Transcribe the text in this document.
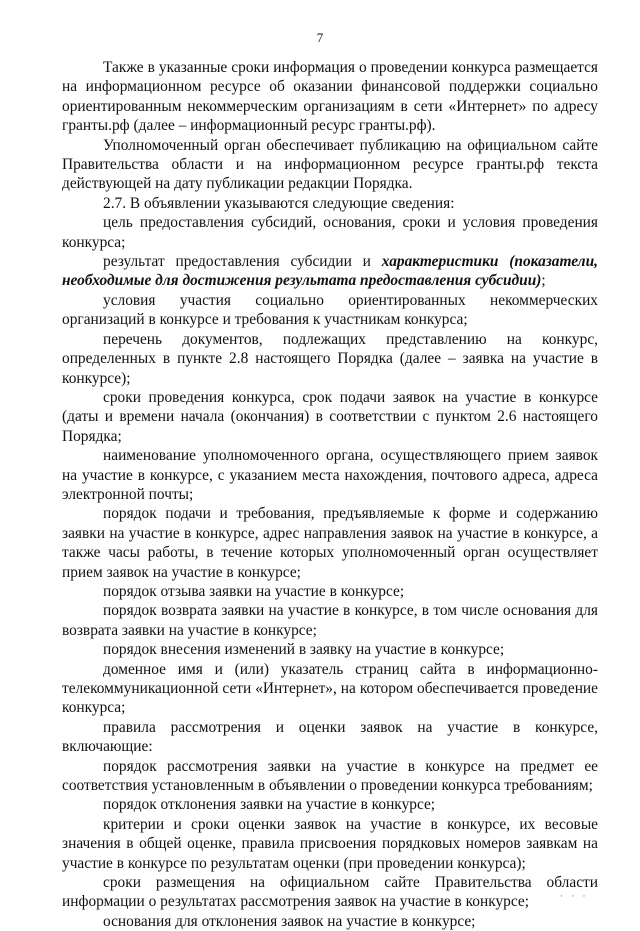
7

Также в указанные сроки информация о проведении конкурса размещается на информационном ресурсе об оказании финансовой поддержки социально ориентированным некоммерческим организациям в сети «Интернет» по адресу гранты.рф (далее – информационный ресурс гранты.рф).

Уполномоченный орган обеспечивает публикацию на официальном сайте Правительства области и на информационном ресурсе гранты.рф текста действующей на дату публикации редакции Порядка.

2.7. В объявлении указываются следующие сведения:

цель предоставления субсидий, основания, сроки и условия проведения конкурса;

результат предоставления субсидии и характеристики (показатели, необходимые для достижения результата предоставления субсидии);

условия участия социально ориентированных некоммерческих организаций в конкурсе и требования к участникам конкурса;

перечень документов, подлежащих представлению на конкурс, определенных в пункте 2.8 настоящего Порядка (далее – заявка на участие в конкурсе);

сроки проведения конкурса, срок подачи заявок на участие в конкурсе (даты и времени начала (окончания) в соответствии с пунктом 2.6 настоящего Порядка;

наименование уполномоченного органа, осуществляющего прием заявок на участие в конкурсе, с указанием места нахождения, почтового адреса, адреса электронной почты;

порядок подачи и требования, предъявляемые к форме и содержанию заявки на участие в конкурсе, адрес направления заявок на участие в конкурсе, а также часы работы, в течение которых уполномоченный орган осуществляет прием заявок на участие в конкурсе;

порядок отзыва заявки на участие в конкурсе;

порядок возврата заявки на участие в конкурсе, в том числе основания для возврата заявки на участие в конкурсе;

порядок внесения изменений в заявку на участие в конкурсе;

доменное имя и (или) указатель страниц сайта в информационно-телекоммуникационной сети «Интернет», на котором обеспечивается проведение конкурса;

правила рассмотрения и оценки заявок на участие в конкурсе, включающие:

порядок рассмотрения заявки на участие в конкурсе на предмет ее соответствия установленным в объявлении о проведении конкурса требованиям;

порядок отклонения заявки на участие в конкурсе;

критерии и сроки оценки заявок на участие в конкурсе, их весовые значения в общей оценке, правила присвоения порядковых номеров заявкам на участие в конкурсе по результатам оценки (при проведении конкурса);

сроки размещения на официальном сайте Правительства области информации о результатах рассмотрения заявок на участие в конкурсе;

основания для отклонения заявок на участие в конкурсе;

· · ·
